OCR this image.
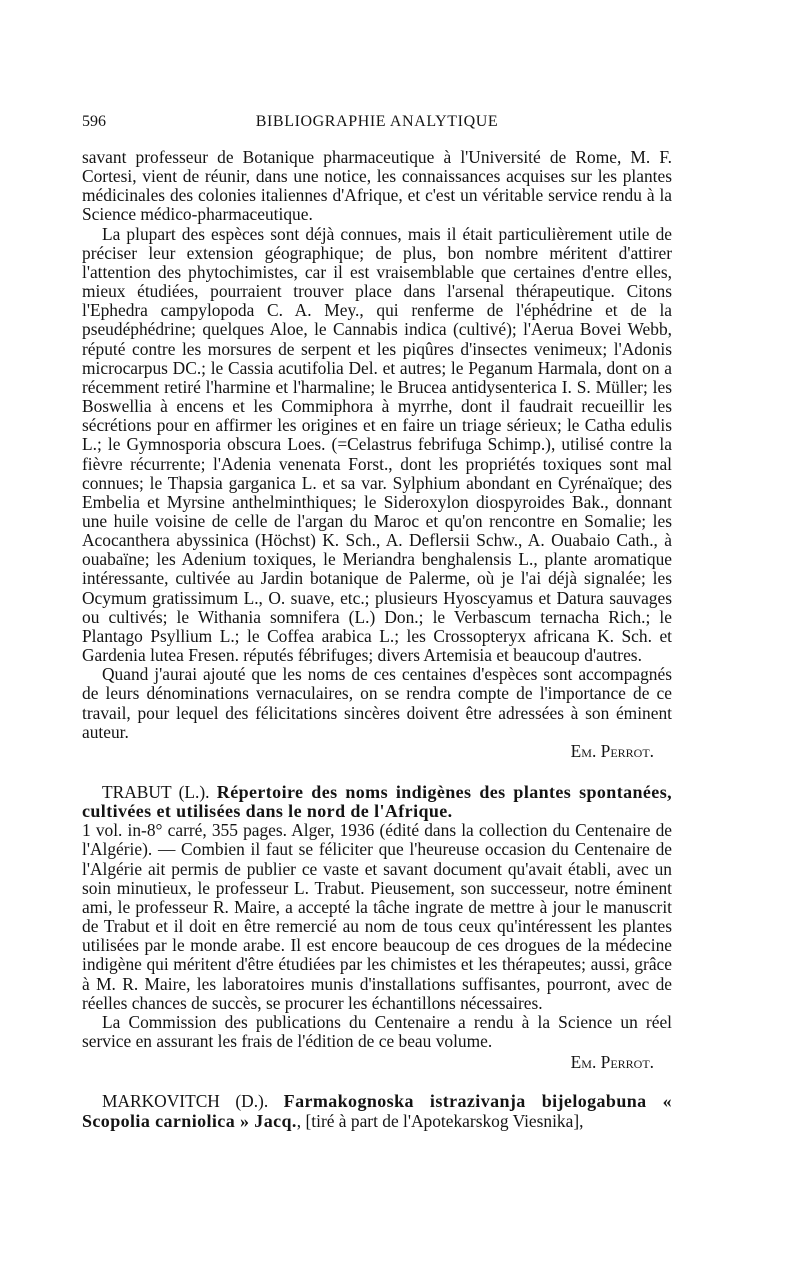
596	BIBLIOGRAPHIE ANALYTIQUE

savant professeur de Botanique pharmaceutique à l'Université de Rome, M. F. Cortesi, vient de réunir, dans une notice, les connaissances acquises sur les plantes médicinales des colonies italiennes d'Afrique, et c'est un véritable service rendu à la Science médico-pharmaceutique.

La plupart des espèces sont déjà connues, mais il était particulièrement utile de préciser leur extension géographique; de plus, bon nombre méritent d'attirer l'attention des phytochimistes, car il est vraisemblable que certaines d'entre elles, mieux étudiées, pourraient trouver place dans l'arsenal thérapeutique. Citons l'Ephedra campylopoda C. A. Mey., qui renferme de l'éphédrine et de la pseudéphédrine; quelques Aloe, le Cannabis indica (cultivé); l'Aerua Bovei Webb, réputé contre les morsures de serpent et les piqûres d'insectes venimeux; l'Adonis microcarpus DC.; le Cassia acutifolia Del. et autres; le Peganum Harmala, dont on a récemment retiré l'harmine et l'harmaline; le Brucea antidysenterica I. S. Müller; les Boswellia à encens et les Commiphora à myrrhe, dont il faudrait recueillir les sécrétions pour en affirmer les origines et en faire un triage sérieux; le Catha edulis L.; le Gymnosporia obscura Loes. (=Celastrus febrifuga Schimp.), utilisé contre la fièvre récurrente; l'Adenia venenata Forst., dont les propriétés toxiques sont mal connues; le Thapsia garganica L. et sa var. Sylphium abondant en Cyrénaïque; des Embelia et Myrsine anthelminthiques; le Sideroxylon diospyroides Bak., donnant une huile voisine de celle de l'argan du Maroc et qu'on rencontre en Somalie; les Acocanthera abyssinica (Höchst) K. Sch., A. Deflersii Schw., A. Ouabaio Cath., à ouabaïne; les Adenium toxiques, le Meriandra benghalensis L., plante aromatique intéressante, cultivée au Jardin botanique de Palerme, où je l'ai déjà signalée; les Ocymum gratissimum L., O. suave, etc.; plusieurs Hyoscyamus et Datura sauvages ou cultivés; le Withania somnifera (L.) Don.; le Verbascum ternacha Rich.; le Plantago Psyllium L.; le Coffea arabica L.; les Crossopteryx africana K. Sch. et Gardenia lutea Fresen. réputés fébrifuges; divers Artemisia et beaucoup d'autres.

Quand j'aurai ajouté que les noms de ces centaines d'espèces sont accompagnés de leurs dénominations vernaculaires, on se rendra compte de l'importance de ce travail, pour lequel des félicitations sincères doivent être adressées à son éminent auteur.

Em. Perrot.

TRABUT (L.). Répertoire des noms indigènes des plantes spontanées, cultivées et utilisées dans le nord de l'Afrique.

1 vol. in-8° carré, 355 pages. Alger, 1936 (édité dans la collection du Centenaire de l'Algérie). — Combien il faut se féliciter que l'heureuse occasion du Centenaire de l'Algérie ait permis de publier ce vaste et savant document qu'avait établi, avec un soin minutieux, le professeur L. Trabut. Pieusement, son successeur, notre éminent ami, le professeur R. Maire, a accepté la tâche ingrate de mettre à jour le manuscrit de Trabut et il doit en être remercié au nom de tous ceux qu'intéressent les plantes utilisées par le monde arabe. Il est encore beaucoup de ces drogues de la médecine indigène qui méritent d'être étudiées par les chimistes et les thérapeutes; aussi, grâce à M. R. Maire, les laboratoires munis d'installations suffisantes, pourront, avec de réelles chances de succès, se procurer les échantillons nécessaires.

La Commission des publications du Centenaire a rendu à la Science un réel service en assurant les frais de l'édition de ce beau volume.

Em. Perrot.

MARKOVITCH (D.). Farmakognoska istrazivanja bijelogabuna « Scopolia carniolica » Jacq., [tiré à part de l'Apotekarskog Viesnika],
